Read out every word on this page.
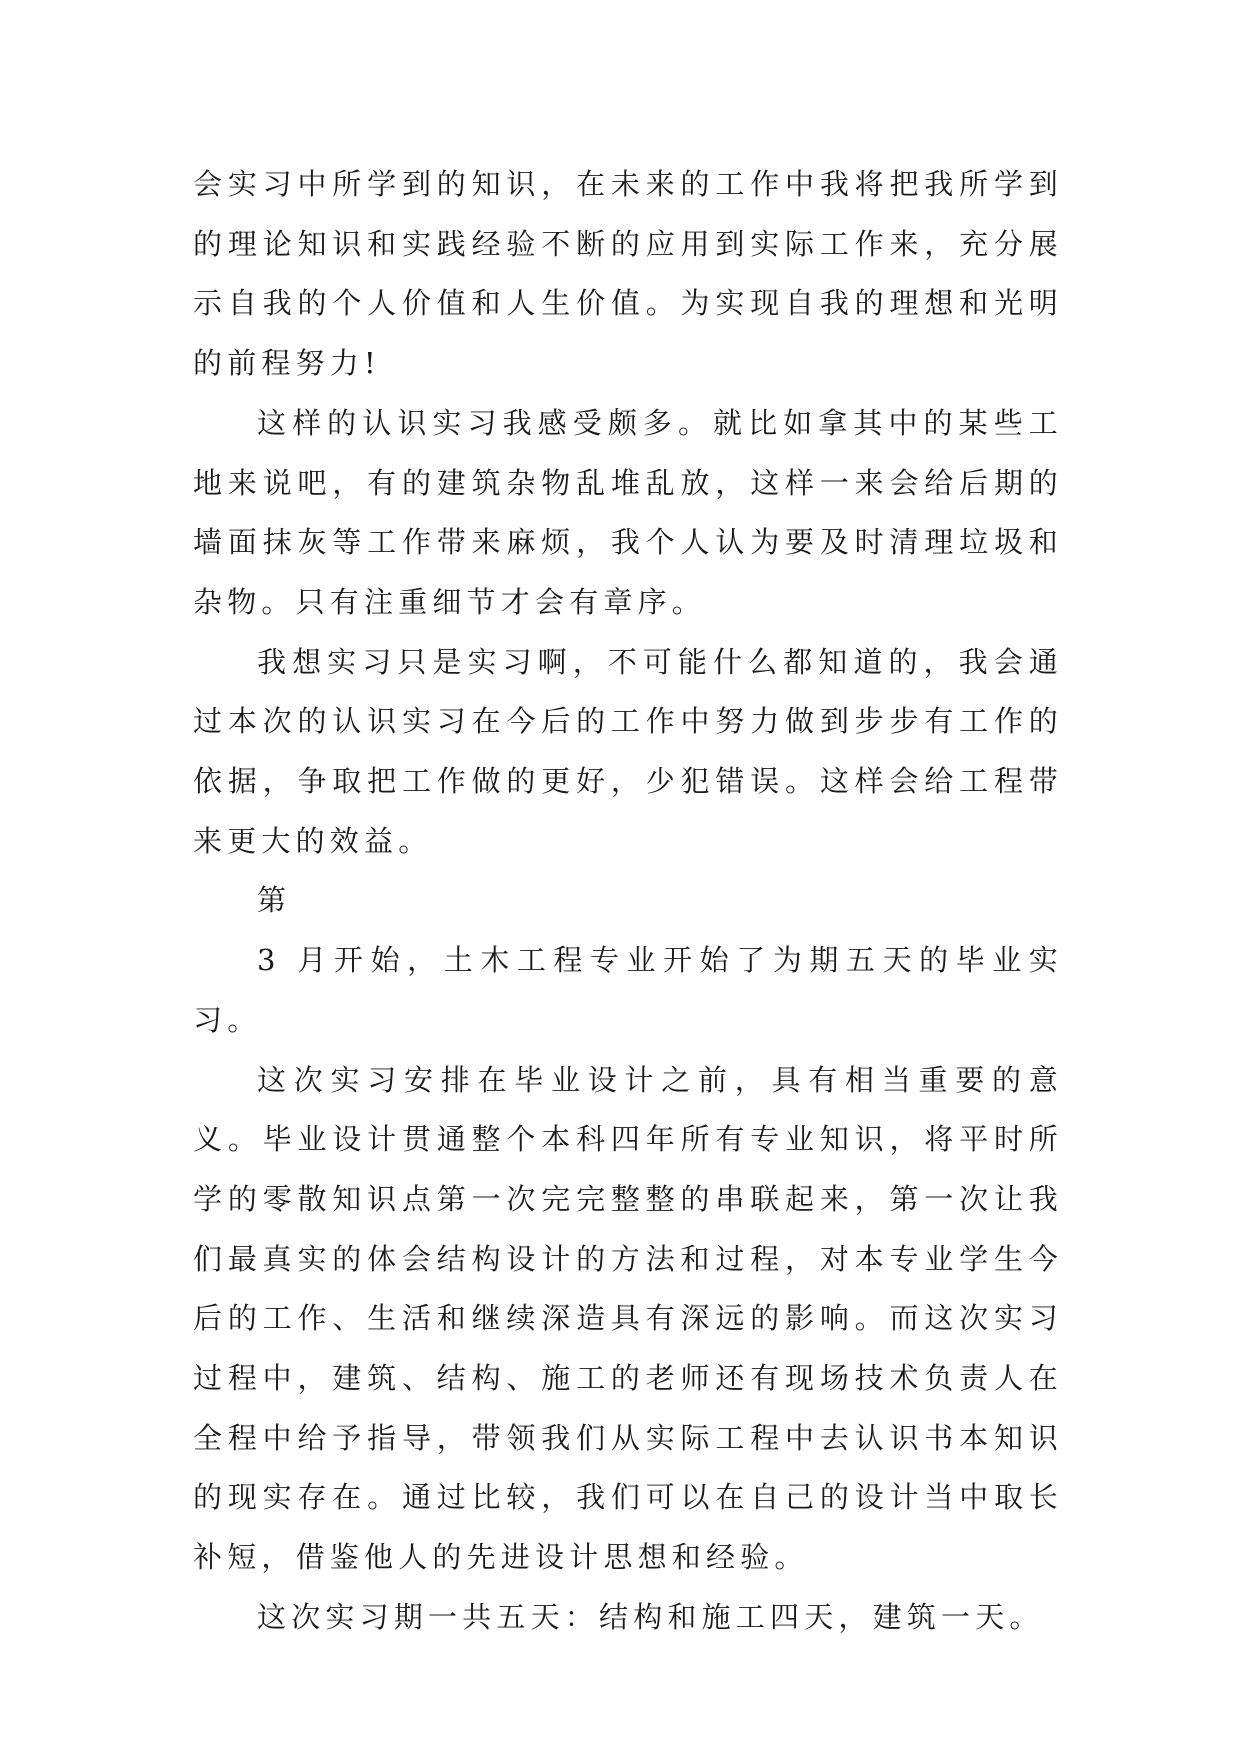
会实习中所学到的知识，在未来的工作中我将把我所学到的理论知识和实践经验不断的应用到实际工作来，充分展示自我的个人价值和人生价值。为实现自我的理想和光明的前程努力!

这样的认识实习我感受颇多。就比如拿其中的某些工地来说吧，有的建筑杂物乱堆乱放，这样一来会给后期的墙面抹灰等工作带来麻烦，我个人认为要及时清理垃圾和杂物。只有注重细节才会有章序。

我想实习只是实习啊，不可能什么都知道的，我会通过本次的认识实习在今后的工作中努力做到步步有工作的依据，争取把工作做的更好，少犯错误。这样会给工程带来更大的效益。

第

3 月开始，土木工程专业开始了为期五天的毕业实习。

这次实习安排在毕业设计之前，具有相当重要的意义。毕业设计贯通整个本科四年所有专业知识，将平时所学的零散知识点第一次完完整整的串联起来，第一次让我们最真实的体会结构设计的方法和过程，对本专业学生今后的工作、生活和继续深造具有深远的影响。而这次实习过程中，建筑、结构、施工的老师还有现场技术负责人在全程中给予指导，带领我们从实际工程中去认识书本知识的现实存在。通过比较，我们可以在自己的设计当中取长补短，借鉴他人的先进设计思想和经验。

这次实习期一共五天：结构和施工四天，建筑一天。
